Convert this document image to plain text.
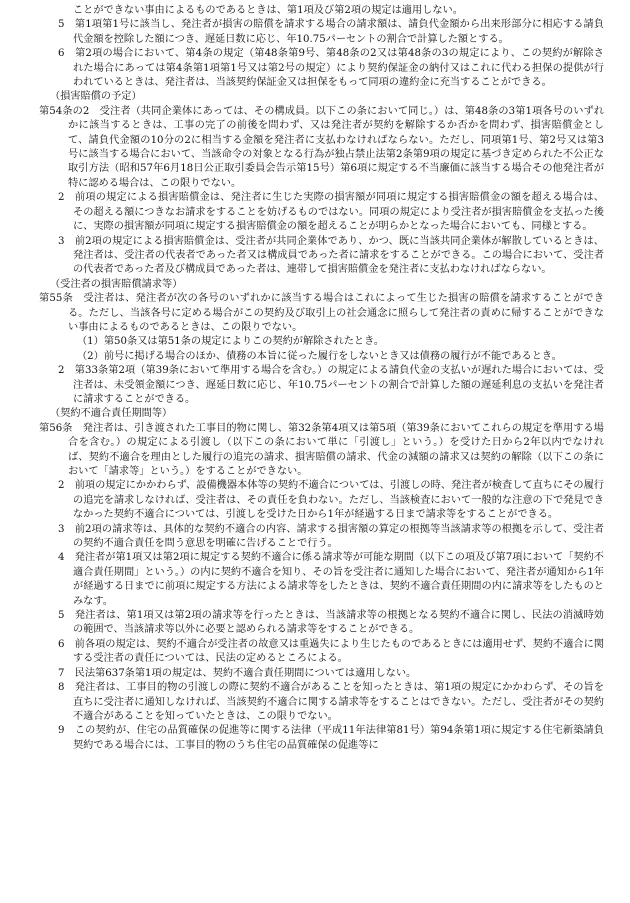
ことができない事由によるものであるときは、第1項及び第2項の規定は適用しない。

5　第1項第1号に該当し、発注者が損害の賠償を請求する場合の請求額は、請負代金額から出来形部分に相応する請負代金額を控除した額につき、遅延日数に応じ、年10.75パーセントの割合で計算した額とする。

6　第2項の場合において、第4条の規定（第48条第9号、第48条の2又は第48条の3の規定により、この契約が解除された場合にあっては第4条第1項第1号又は第2号の規定）により契約保証金の納付又はこれに代わる担保の提供が行われているときは、発注者は、当該契約保証金又は担保をもって同項の違約金に充当することができる。

（損害賠償の予定）

第54条の2　受注者（共同企業体にあっては、その構成員。以下この条において同じ。）は、第48条の3第1項各号のいずれかに該当するときは、工事の完了の前後を問わず、又は発注者が契約を解除するか否かを問わず、損害賠償金として、請負代金額の10分の2に相当する金額を発注者に支払わなければならない。ただし、同項第1号、第2号又は第3号に該当する場合において、当該命令の対象となる行為が独占禁止法第2条第9項の規定に基づき定められた不公正な取引方法（昭和57年6月18日公正取引委員会告示第15号）第6項に規定する不当廉価に該当する場合その他発注者が特に認める場合は、この限りでない。

2　前項の規定による損害賠償金は、発注者に生じた実際の損害額が同項に規定する損害賠償金の額を超える場合は、その超える額につきなお請求をすることを妨げるものではない。同項の規定により受注者が損害賠償金を支払った後に、実際の損害額が同項に規定する損害賠償金の額を超えることが明らかとなった場合においても、同様とする。

3　前2項の規定による損害賠償金は、受注者が共同企業体であり、かつ、既に当該共同企業体が解散しているときは、発注者は、受注者の代表者であった者又は構成員であった者に請求をすることができる。この場合において、受注者の代表者であった者及び構成員であった者は、連帯して損害賠償金を発注者に支払わなければならない。

（受注者の損害賠償請求等）

第55条　受注者は、発注者が次の各号のいずれかに該当する場合はこれによって生じた損害の賠償を請求することができる。ただし、当該各号に定める場合がこの契約及び取引上の社会通念に照らして発注者の責めに帰することができない事由によるものであるときは、この限りでない。

（1）第50条又は第51条の規定によりこの契約が解除されたとき。

（2）前号に掲げる場合のほか、債務の本旨に従った履行をしないとき又は債務の履行が不能であるとき。

2　第33条第2項（第39条において準用する場合を含む。）の規定による請負代金の支払いが遅れた場合においては、受注者は、未受領金額につき、遅延日数に応じ、年10.75パーセントの割合で計算した額の遅延利息の支払いを発注者に請求することができる。

（契約不適合責任期間等）

第56条　発注者は、引き渡された工事目的物に関し、第32条第4項又は第5項（第39条においてこれらの規定を準用する場合を含む。）の規定による引渡し（以下この条において単に「引渡し」という。）を受けた日から2年以内でなければ、契約不適合を理由とした履行の追完の請求、損害賠償の請求、代金の減額の請求又は契約の解除（以下この条において「請求等」という。）をすることができない。

2　前項の規定にかかわらず、設備機器本体等の契約不適合については、引渡しの時、発注者が検査して直ちにその履行の追完を請求しなければ、受注者は、その責任を負わない。ただし、当該検査において一般的な注意の下で発見できなかった契約不適合については、引渡しを受けた日から1年が経過する日まで請求等をすることができる。

3　前2項の請求等は、具体的な契約不適合の内容、請求する損害額の算定の根拠等当該請求等の根拠を示して、受注者の契約不適合責任を問う意思を明確に告げることで行う。

4　発注者が第1項又は第2項に規定する契約不適合に係る請求等が可能な期間（以下この項及び第7項において「契約不適合責任期間」という。）の内に契約不適合を知り、その旨を受注者に通知した場合において、発注者が通知から1年が経過する日までに前項に規定する方法による請求等をしたときは、契約不適合責任期間の内に請求等をしたものとみなす。

5　発注者は、第1項又は第2項の請求等を行ったときは、当該請求等の根拠となる契約不適合に関し、民法の消滅時効の範囲で、当該請求等以外に必要と認められる請求等をすることができる。

6　前各項の規定は、契約不適合が受注者の故意又は重過失により生じたものであるときには適用せず、契約不適合に関する受注者の責任については、民法の定めるところによる。

7　民法第637条第1項の規定は、契約不適合責任期間については適用しない。

8　発注者は、工事目的物の引渡しの際に契約不適合があることを知ったときは、第1項の規定にかかわらず、その旨を直ちに受注者に通知しなければ、当該契約不適合に関する請求等をすることはできない。ただし、受注者がその契約不適合があることを知っていたときは、この限りでない。

9　この契約が、住宅の品質確保の促進等に関する法律（平成11年法律第81号）第94条第1項に規定する住宅新築請負契約である場合には、工事目的物のうち住宅の品質確保の促進等に
